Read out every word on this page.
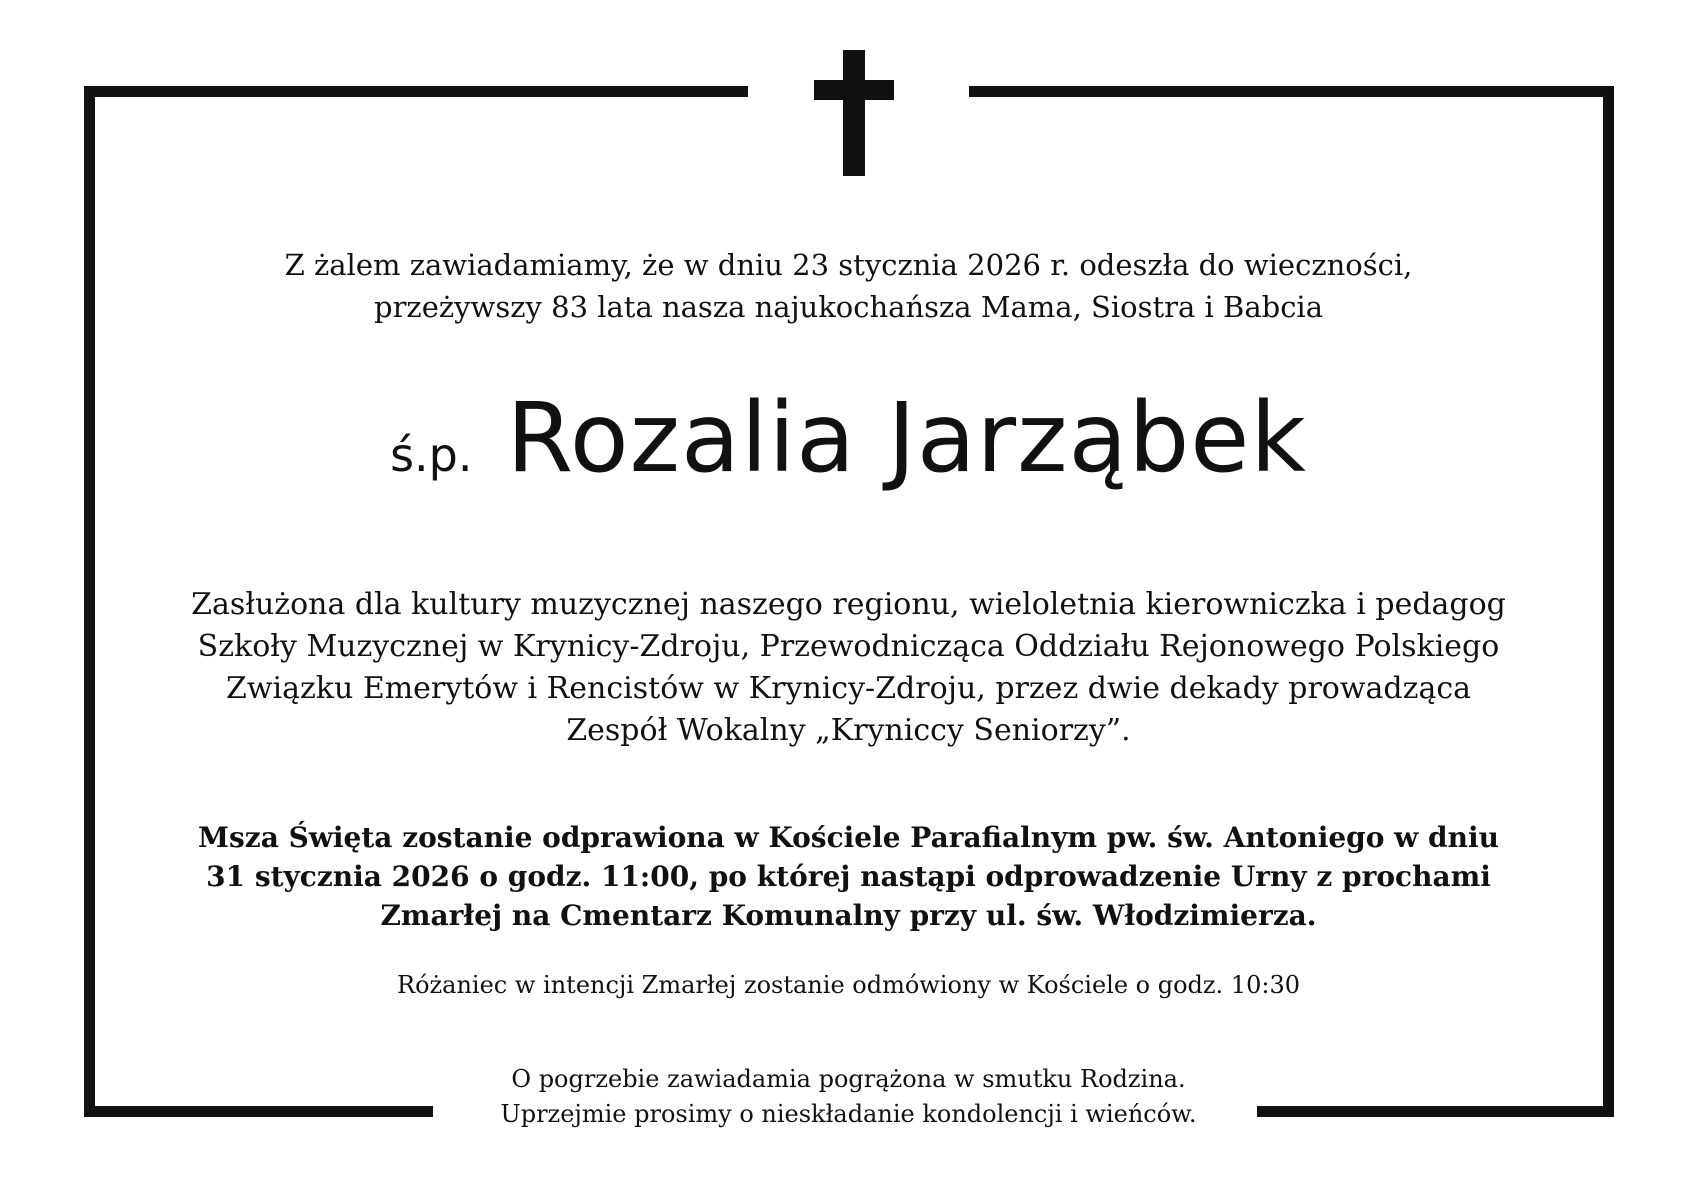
Z żalem zawiadamiamy, że w dniu 23 stycznia 2026 r. odeszła do wieczności,
przeżywszy 83 lata nasza najukochańsza Mama, Siostra i Babcia
ś.p. Rozalia Jarząbek
Zasłużona dla kultury muzycznej naszego regionu, wieloletnia kierowniczka i pedagog
Szkoły Muzycznej w Krynicy-Zdroju, Przewodnicząca Oddziału Rejonowego Polskiego
Związku Emerytów i Rencistów w Krynicy-Zdroju, przez dwie dekady prowadząca
Zespół Wokalny „Kryniccy Seniorzy”.
Msza Święta zostanie odprawiona w Kościele Parafialnym pw. św. Antoniego w dniu
31 stycznia 2026 o godz. 11:00, po której nastąpi odprowadzenie Urny z prochami
Zmarłej na Cmentarz Komunalny przy ul. św. Włodzimierza.
Różaniec w intencji Zmarłej zostanie odmówiony w Kościele o godz. 10:30
O pogrzebie zawiadamia pogrążona w smutku Rodzina.
Uprzejmie prosimy o nieskładanie kondolencji i wieńców.
